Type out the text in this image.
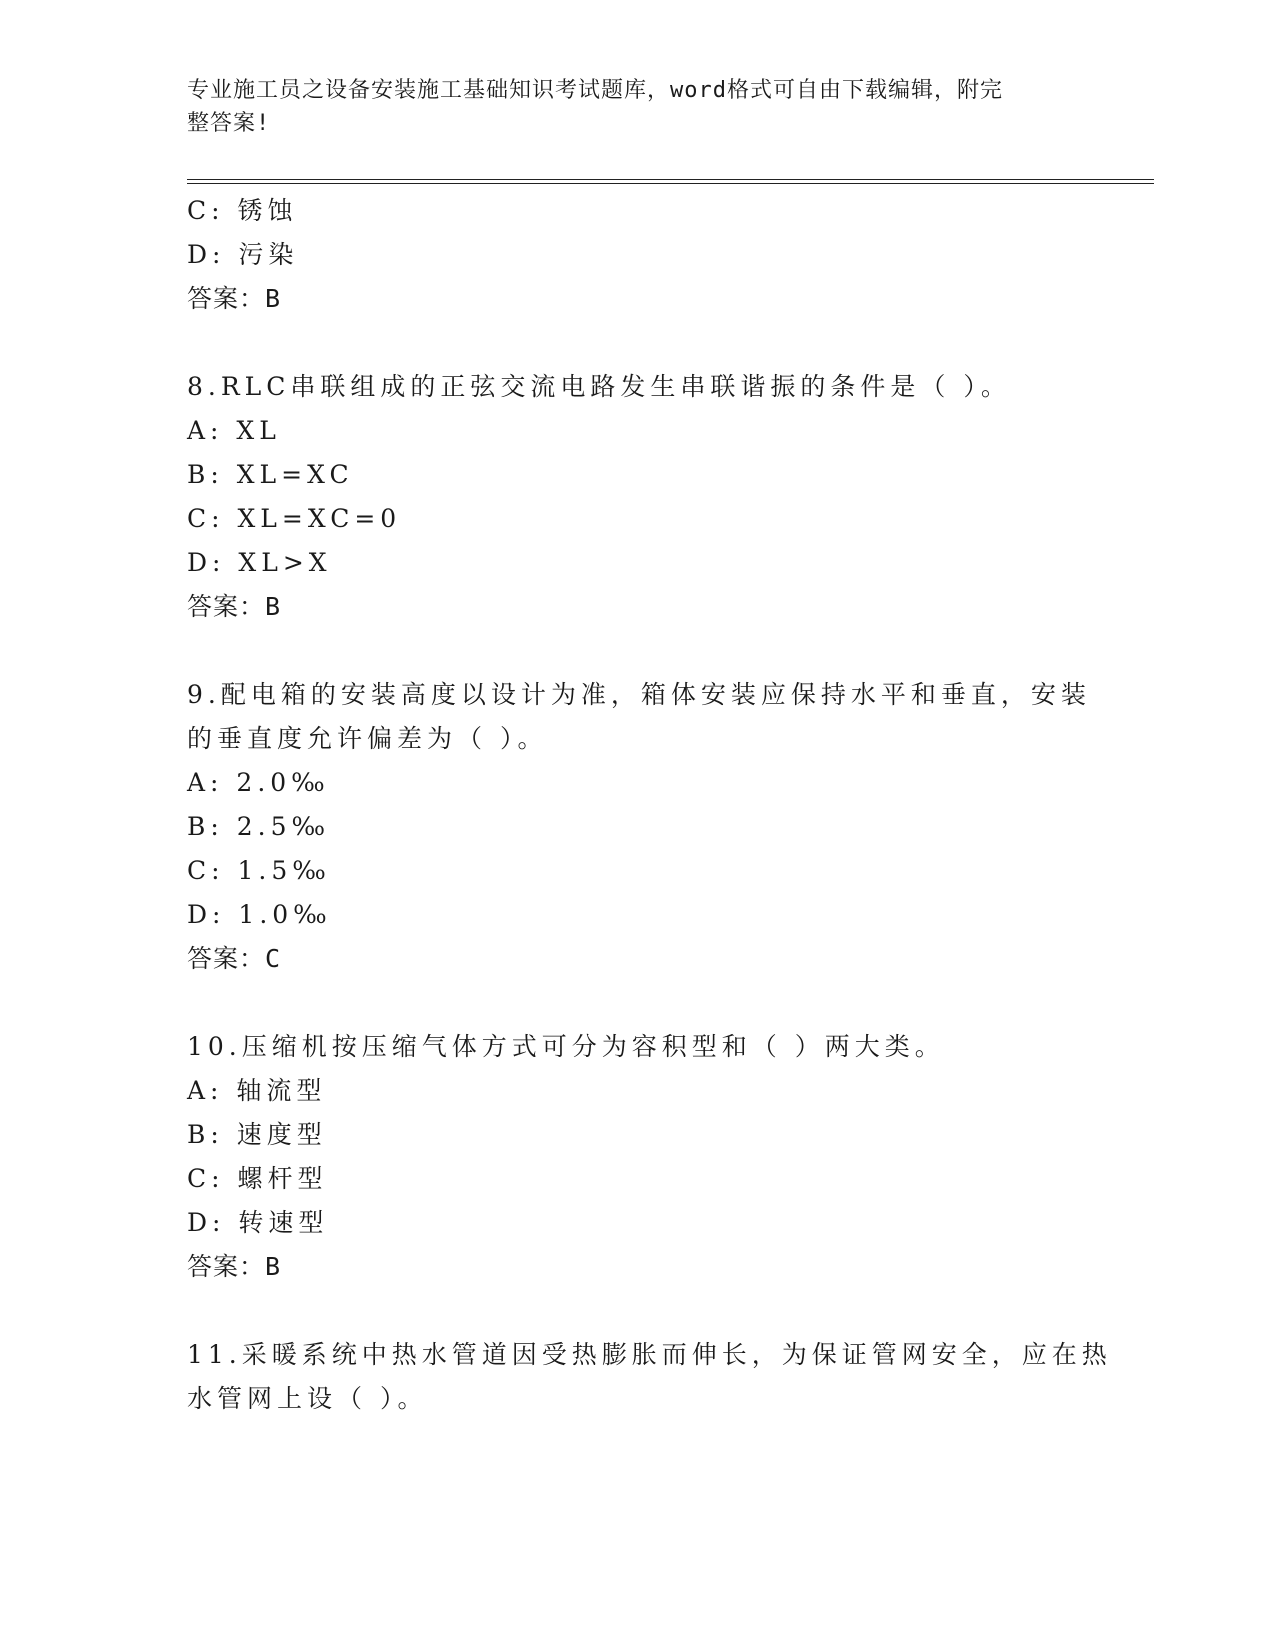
专业施工员之设备安装施工基础知识考试题库，word格式可自由下载编辑，附完
整答案!
C: 锈蚀
D: 污染
答案：B
8.RLC串联组成的正弦交流电路发生串联谐振的条件是（ ）。
A: XL
B: XL=XC
C: XL=XC=0
D: XL>X
答案：B
9.配电箱的安装高度以设计为准，箱体安装应保持水平和垂直，安装
的垂直度允许偏差为（ ）。
A: 2.0‰
B: 2.5‰
C: 1.5‰
D: 1.0‰
答案：C
10.压缩机按压缩气体方式可分为容积型和（ ）两大类。
A: 轴流型
B: 速度型
C: 螺杆型
D: 转速型
答案：B
11.采暖系统中热水管道因受热膨胀而伸长，为保证管网安全，应在热
水管网上设（ ）。
